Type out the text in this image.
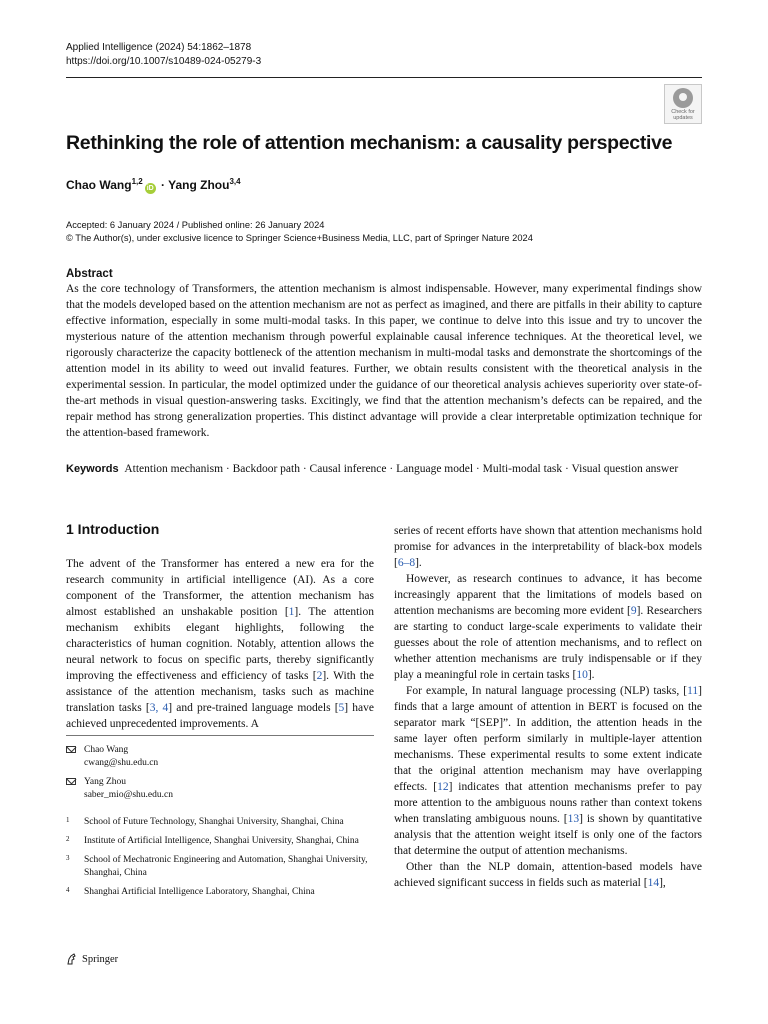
Applied Intelligence (2024) 54:1862–1878
https://doi.org/10.1007/s10489-024-05279-3
Check for updates
Rethinking the role of attention mechanism: a causality perspective
Chao Wang$^{1,2}$iD · Yang Zhou$^{3,4}$
Accepted: 6 January 2024 / Published online: 26 January 2024
© The Author(s), under exclusive licence to Springer Science+Business Media, LLC, part of Springer Nature 2024
Abstract
As the core technology of Transformers, the attention mechanism is almost indispensable. However, many experimental findings show that the models developed based on the attention mechanism are not as perfect as imagined, and there are pitfalls in their ability to capture effective information, especially in some multi-modal tasks. In this paper, we continue to delve into this issue and try to uncover the mysterious nature of the attention mechanism through powerful explainable causal inference techniques. At the theoretical level, we rigorously characterize the capacity bottleneck of the attention mechanism in multi-modal tasks and demonstrate the shortcomings of the attention model in its ability to weed out invalid features. Further, we obtain results consistent with the theoretical analysis in the experimental session. In particular, the model optimized under the guidance of our theoretical analysis achieves superiority over state-of-the-art methods in visual question-answering tasks. Excitingly, we find that the attention mechanism’s defects can be repaired, and the repair method has strong generalization properties. This distinct advantage will provide a clear interpretable optimization technique for the attention-based framework.
Keywords Attention mechanism · Backdoor path · Causal inference · Language model · Multi-modal task · Visual question answer
1 Introduction

The advent of the Transformer has entered a new era for the research community in artificial intelligence (AI). As a core component of the Transformer, the attention mechanism has almost established an unshakable position [1]. The attention mechanism exhibits elegant highlights, following the characteristics of human cognition. Notably, attention allows the neural network to focus on specific parts, thereby significantly improving the effectiveness and efficiency of tasks [2]. With the assistance of the attention mechanism, tasks such as machine translation tasks [3, 4] and pre-trained language models [5] have achieved unprecedented improvements. A

series of recent efforts have shown that attention mechanisms hold promise for advances in the interpretability of black-box models [6–8].

However, as research continues to advance, it has become increasingly apparent that the limitations of models based on attention mechanisms are becoming more evident [9]. Researchers are starting to conduct large-scale experiments to validate their guesses about the role of attention mechanisms, and to reflect on whether attention mechanisms are truly indispensable or if they play a meaningful role in certain tasks [10].

For example, In natural language processing (NLP) tasks, [11] finds that a large amount of attention in BERT is focused on the separator mark “[SEP]”. In addition, the attention heads in the same layer often perform similarly in multiple-layer attention mechanisms. These experimental results to some extent indicate that the original attention mechanism may have overlapping effects. [12] indicates that attention mechanisms prefer to pay more attention to the ambiguous nouns rather than context tokens when translating ambiguous nouns. [13] is shown by quantitative analysis that the attention weight itself is only one of the factors that determine the output of attention mechanisms.

Other than the NLP domain, attention-based models have achieved significant success in fields such as material [14],

Chao Wang
cwang@shu.edu.cn
Yang Zhou
saber_mio@shu.edu.cn
1 School of Future Technology, Shanghai University, Shanghai, China
2 Institute of Artificial Intelligence, Shanghai University, Shanghai, China
3 School of Mechatronic Engineering and Automation, Shanghai University, Shanghai, China
4 Shanghai Artificial Intelligence Laboratory, Shanghai, China
Springer
